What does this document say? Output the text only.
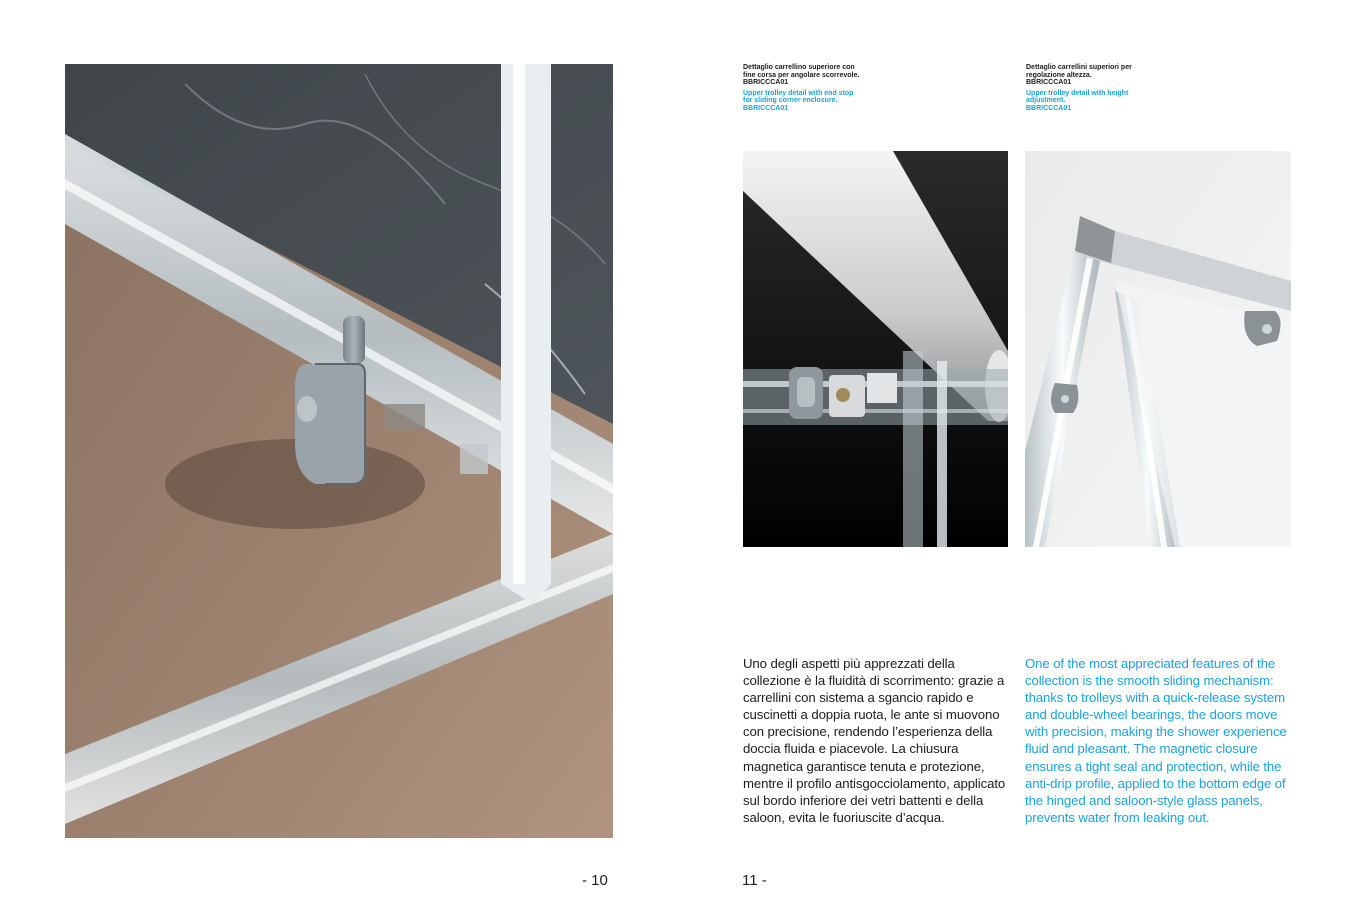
Dettaglio carrellino superiore con fine corsa per angolare scorrevole.
BBRICCCA01
Upper trolley detail with end stop for sliding corner enclosure.
BBRICCCA01
Dettaglio carrellini superiori per regolazione altezza.
BBRICCCA01
Upper trolley detail with height adjustment.
BBRICCCA01

Uno degli aspetti più apprezzati della collezione è la fluidità di scorrimento: grazie a carrellini con sistema a sgancio rapido e cuscinetti a doppia ruota, le ante si muovono con precisione, rendendo l’esperienza della doccia fluida e piacevole. La chiusura magnetica garantisce tenuta e protezione, mentre il profilo antisgocciolamento, applicato sul bordo inferiore dei vetri battenti e della saloon, evita le fuoriuscite d’acqua.

One of the most appreciated features of the collection is the smooth sliding mechanism: thanks to trolleys with a quick-release system and double-wheel bearings, the doors move with precision, making the shower experience fluid and pleasant. The magnetic closure ensures a tight seal and protection, while the anti-drip profile, applied to the bottom edge of the hinged and saloon-style glass panels, prevents water from leaking out.

- 10	11 -
